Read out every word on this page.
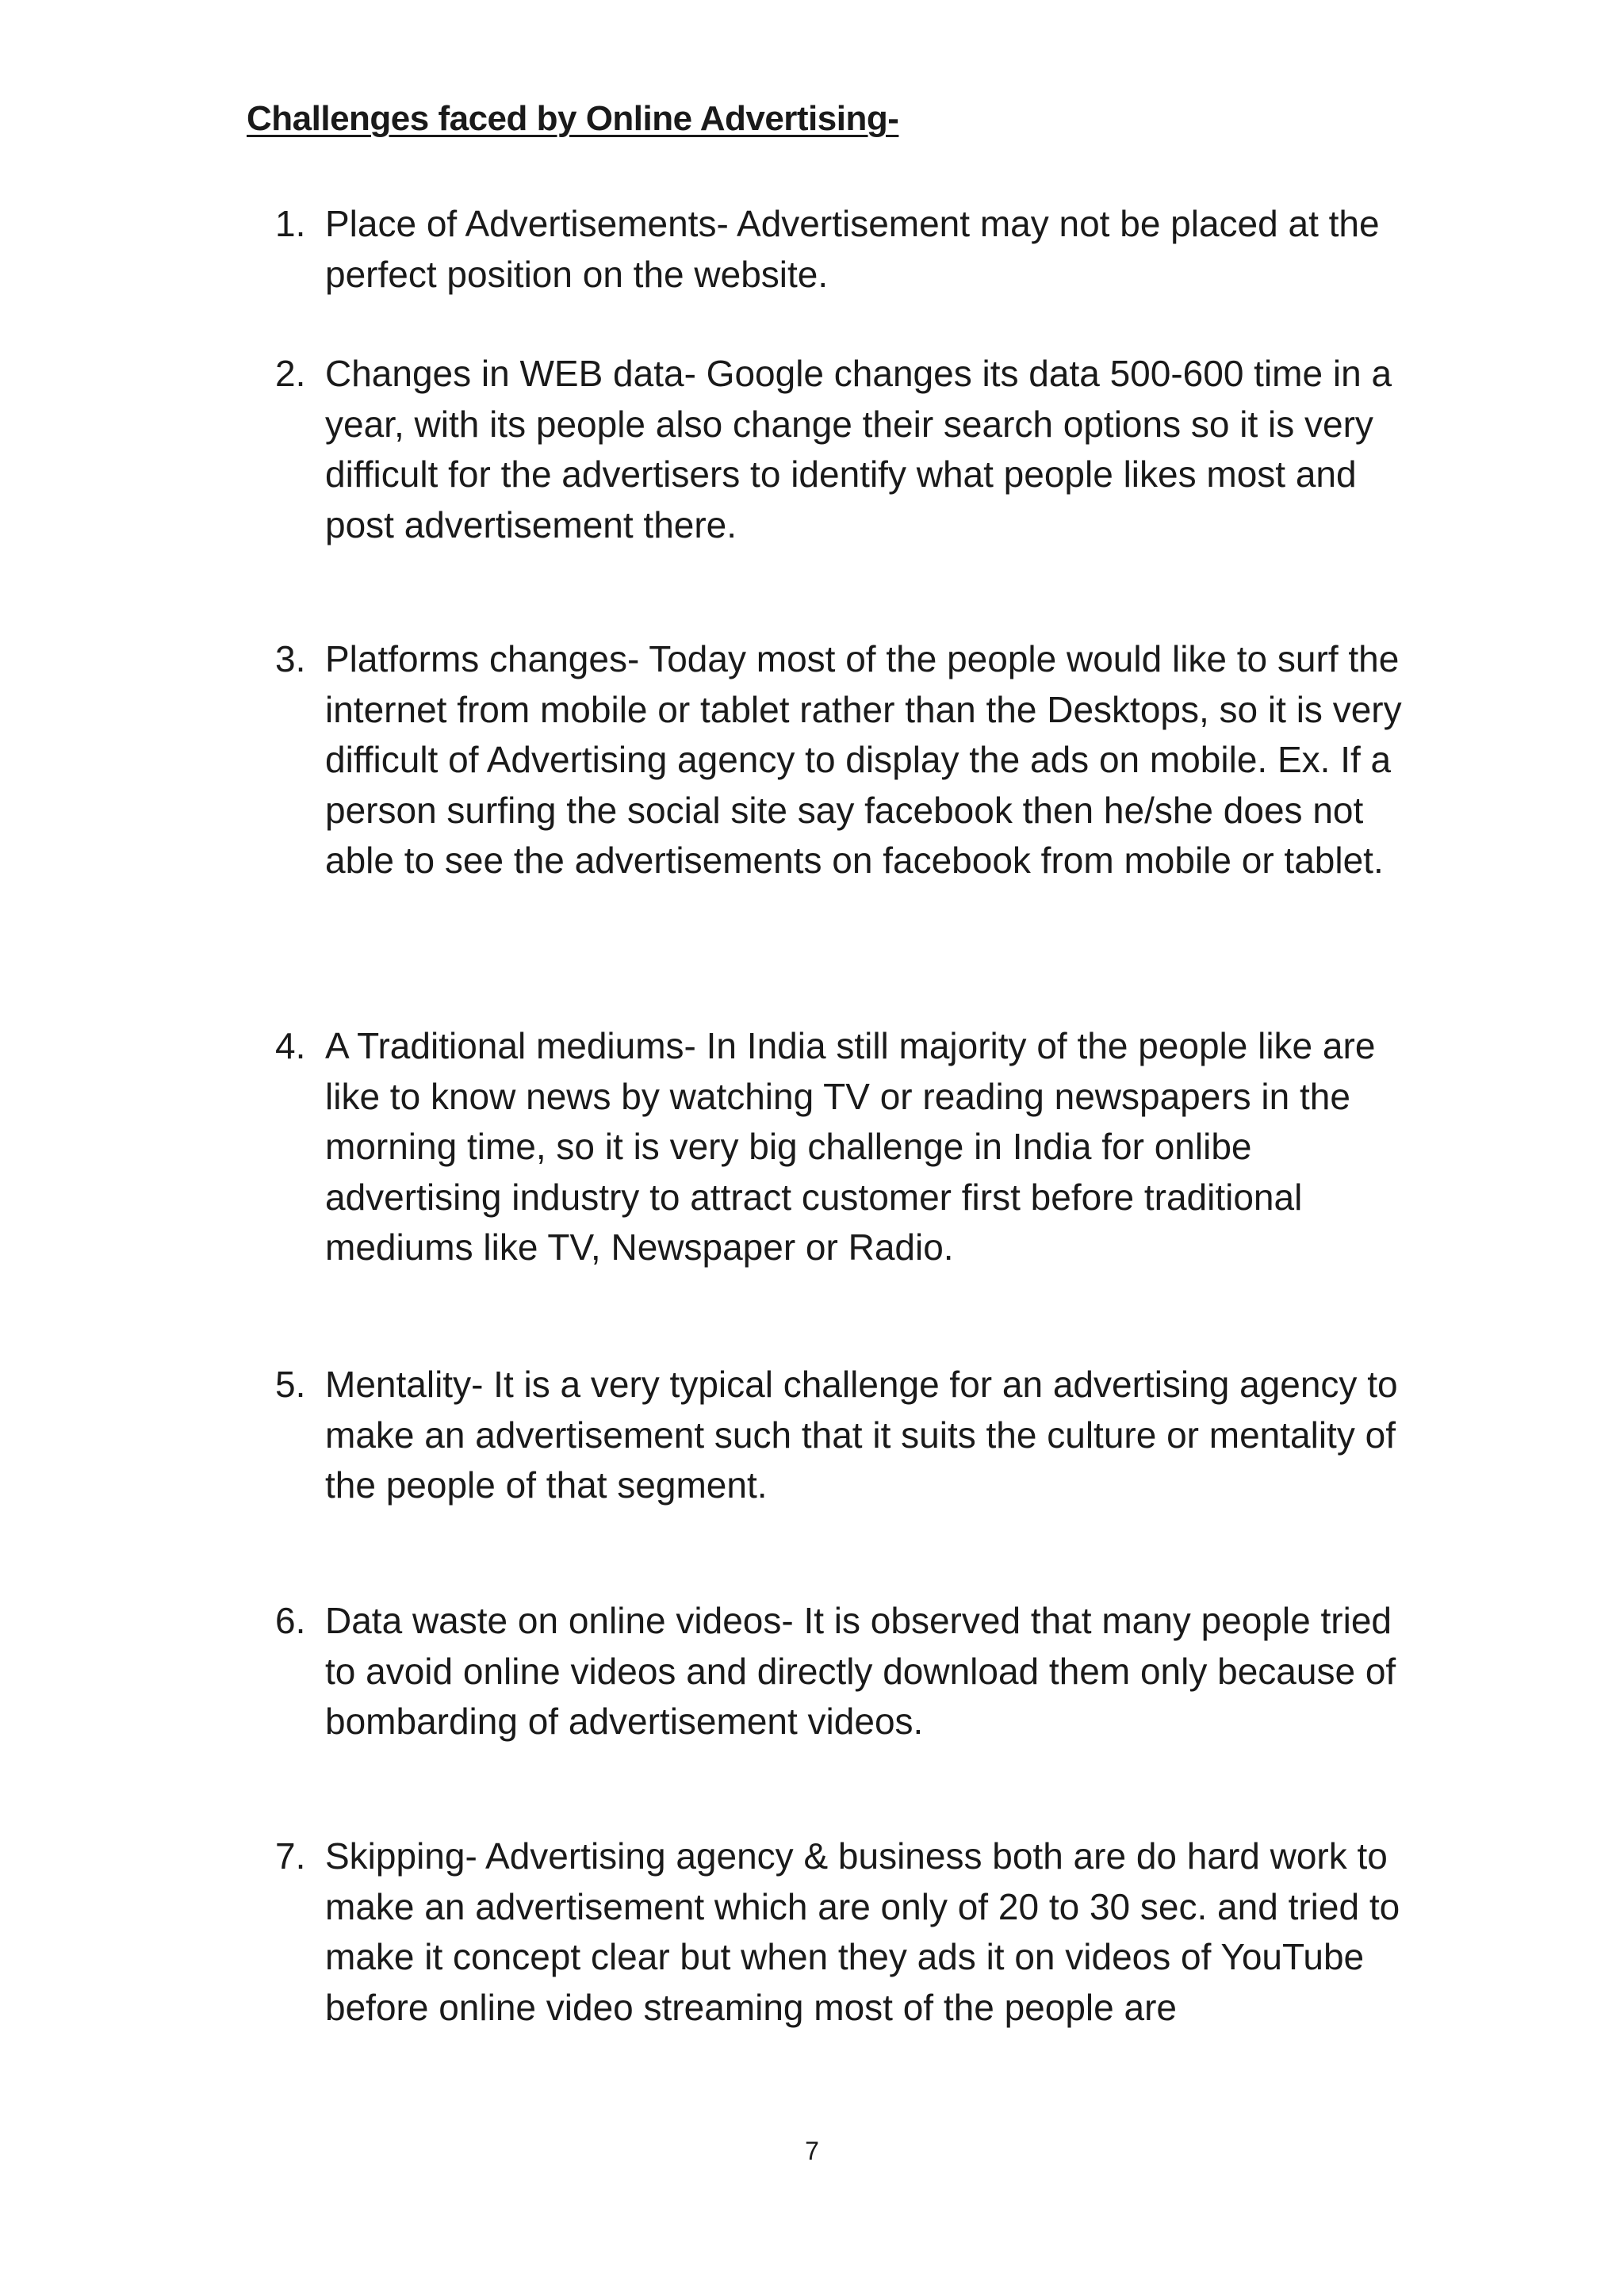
Challenges faced by Online Advertising-
1. Place of Advertisements- Advertisement may not be placed at the perfect position on the website.
2. Changes in WEB data- Google changes its data 500-600 time in a year, with its people also change their search options so it is very difficult for the advertisers to identify what people likes most and post advertisement there.
3. Platforms changes- Today most of the people would like to surf the internet from mobile or tablet rather than the Desktops, so it is very difficult of Advertising agency to display the ads on mobile. Ex. If a person surfing the social site say facebook then he/she does not able to see the advertisements on facebook from mobile or tablet.
4. A Traditional mediums- In India still majority of the people like are like to know news by watching TV or reading newspapers in the morning time, so it is very big challenge in India for onlibe advertising industry to attract customer first before traditional mediums like TV, Newspaper or Radio.
5. Mentality- It is a very typical challenge for an advertising agency to make an advertisement such that it suits the culture or mentality of the people of that segment.
6. Data waste on online videos- It is observed that many people tried to avoid online videos and directly download them only because of bombarding of advertisement videos.
7. Skipping- Advertising agency & business both are do hard work to make an advertisement which are only of 20 to 30 sec. and tried to make it concept clear but when they ads it on videos of YouTube before online video streaming most of the people are
7
